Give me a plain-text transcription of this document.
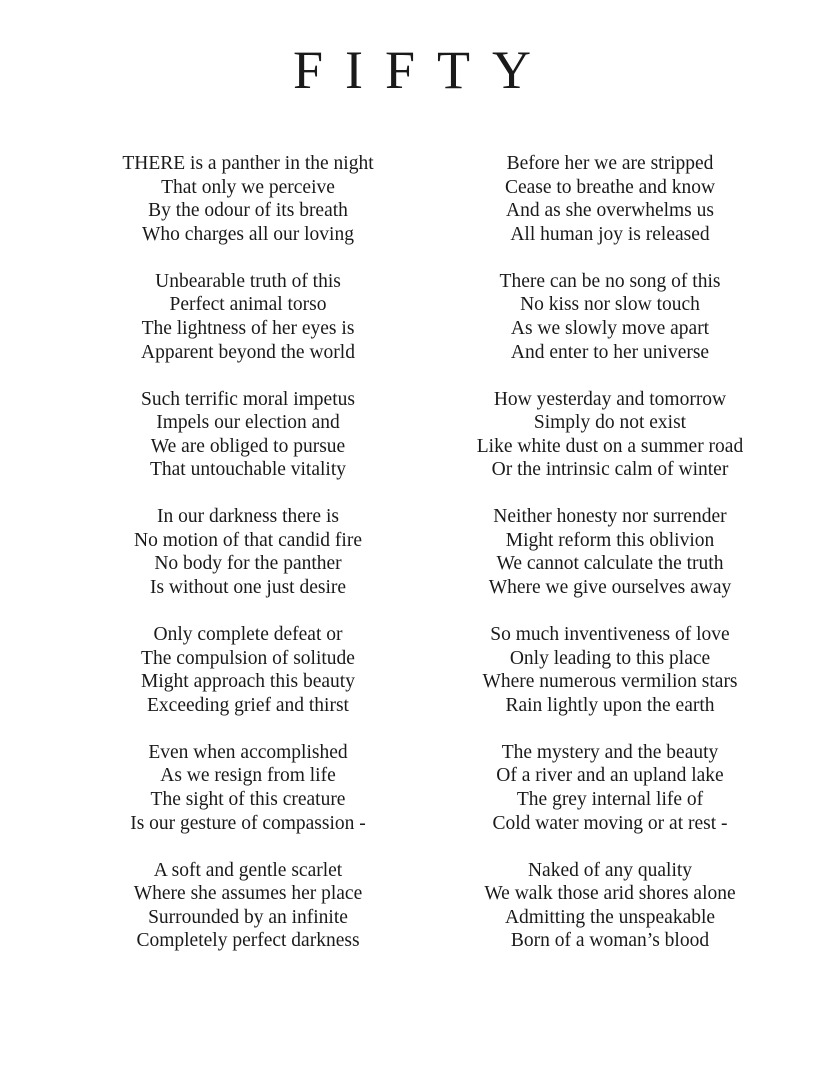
FIFTY
THERE is a panther in the night
That only we perceive
By the odour of its breath
Who charges all our loving
Unbearable truth of this
Perfect animal torso
The lightness of her eyes is
Apparent beyond the world
Such terrific moral impetus
Impels our election and
We are obliged to pursue
That untouchable vitality
In our darkness there is
No motion of that candid fire
No body for the panther
Is without one just desire
Only complete defeat or
The compulsion of solitude
Might approach this beauty
Exceeding grief and thirst
Even when accomplished
As we resign from life
The sight of this creature
Is our gesture of compassion -
A soft and gentle scarlet
Where she assumes her place
Surrounded by an infinite
Completely perfect darkness
Before her we are stripped
Cease to breathe and know
And as she overwhelms us
All human joy is released
There can be no song of this
No kiss nor slow touch
As we slowly move apart
And enter to her universe
How yesterday and tomorrow
Simply do not exist
Like white dust on a summer road
Or the intrinsic calm of winter
Neither honesty nor surrender
Might reform this oblivion
We cannot calculate the truth
Where we give ourselves away
So much inventiveness of love
Only leading to this place
Where numerous vermilion stars
Rain lightly upon the earth
The mystery and the beauty
Of a river and an upland lake
The grey internal life of
Cold water moving or at rest -
Naked of any quality
We walk those arid shores alone
Admitting the unspeakable
Born of a woman’s blood
